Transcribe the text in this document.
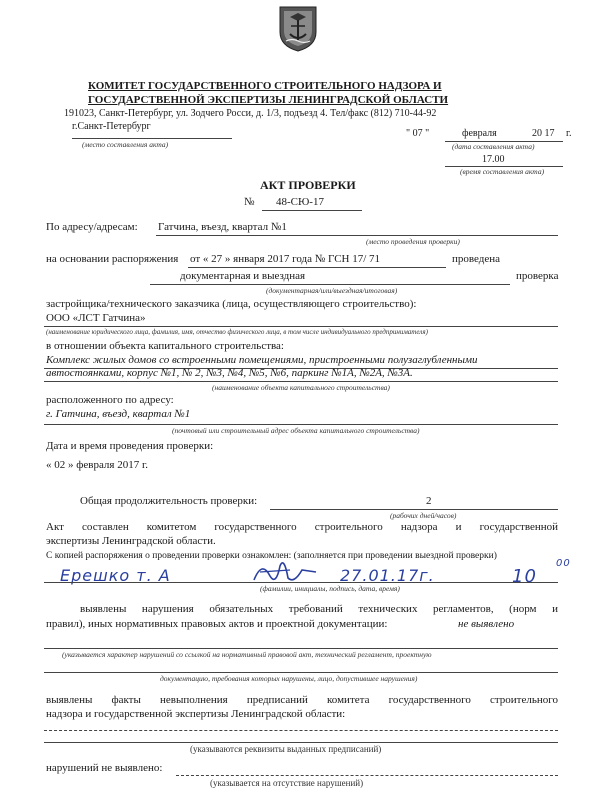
КОМИТЕТ ГОСУДАРСТВЕННОГО СТРОИТЕЛЬНОГО НАДЗОРА И
ГОСУДАРСТВЕННОЙ ЭКСПЕРТИЗЫ ЛЕНИНГРАДСКОЙ ОБЛАСТИ
191023, Санкт-Петербург, ул. Зодчего Росси, д. 1/3, подъезд 4. Тел/факс (812) 710-44-92
г.Санкт-Петербург
(место составления акта)
" 07 "	февраля	20 17 г.
(дата составления акта)
17.00
(время составления акта)
АКТ ПРОВЕРКИ
№ 48-СЮ-17
По адресу/адресам: Гатчина, въезд, квартал №1
(место проведения проверки)
на основании распоряжения от « 27 » января 2017 года № ГСН 17/ 71	проведена
документарная и выездная	проверка
(документарная/или/выездная/итоговая)
застройщика/технического заказчика (лица, осуществляющего строительство):
ООО «ЛСТ Гатчина»
(наименование юридического лица, фамилия, имя, отчество физического лица, в том числе индивидуального предпринимателя)
в отношении объекта капитального строительства:
Комплекс жилых домов со встроенными помещениями, пристроенными полузаглубленными
автостоянками, корпус №1, № 2, №3, №4, №5, №6, паркинг №1А, №2А, №3А.
(наименование объекта капитального строительства)
расположенного по адресу:
г. Гатчина, въезд, квартал №1
(почтовый или строительный адрес объекта капитального строительства)
Дата и время проведения проверки:
« 02 » февраля 2017 г.
Общая продолжительность проверки:	2
(рабочих дней/часов)
Акт составлен комитетом государственного строительного надзора и государственной
экспертизы Ленинградской области.
С копией распоряжения о проведении проверки ознакомлен: (заполняется при проведении выездной проверки)
Ерешко т. А	27.01.17г.	10
00
(фамилии, инициалы, подпись, дата, время)
выявлены нарушения обязательных требований технических регламентов, (норм и
правил), иных нормативных правовых актов и проектной документации:	не выявлено
(указывается характер нарушений со ссылкой на нормативный правовой акт, технический регламент, проектную
документацию, требования которых нарушены, лицо, допустившее нарушения)
выявлены факты невыполнения предписаний комитета государственного строительного
надзора и государственной экспертизы Ленинградской области:
(указываются реквизиты выданных предписаний)
нарушений не выявлено:
(указывается на отсутствие нарушений)
